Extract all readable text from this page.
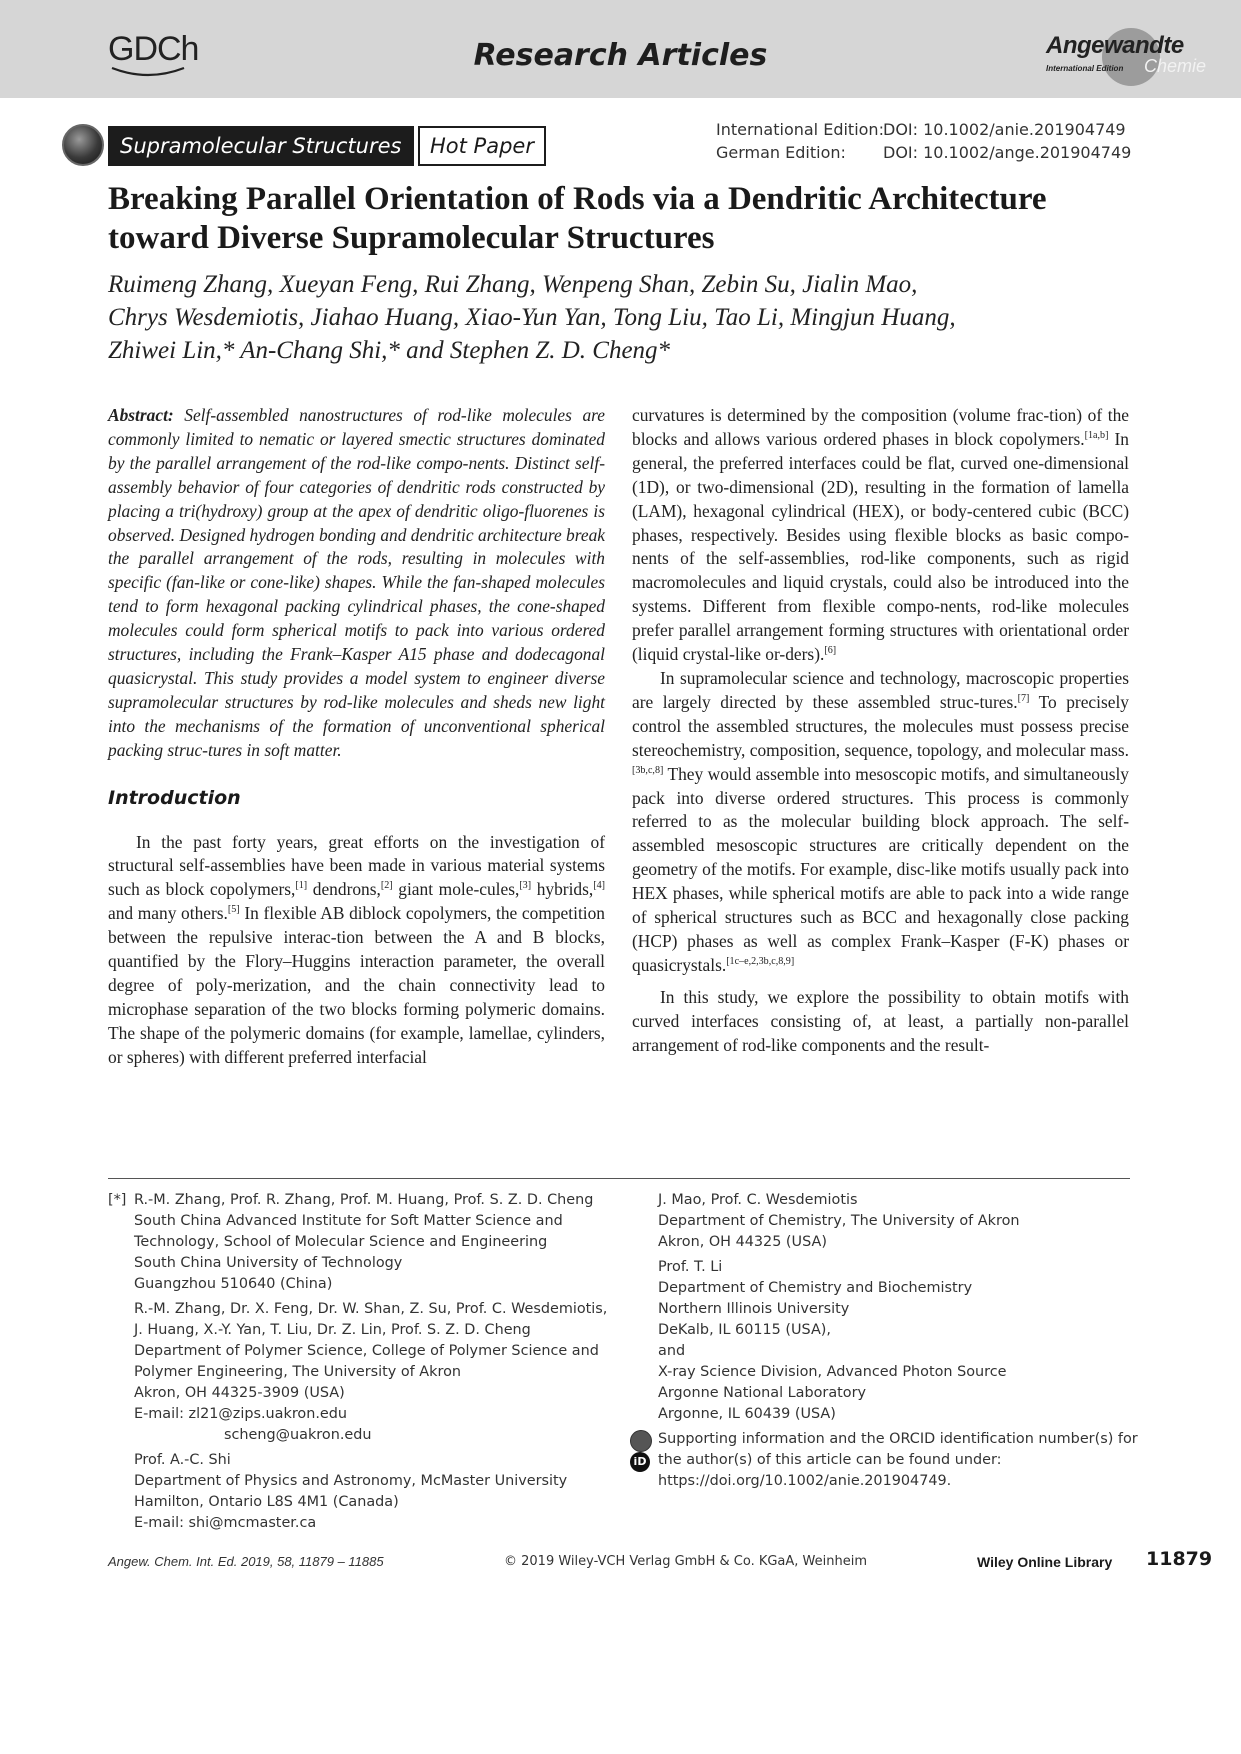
GDCh	Research Articles	Angewandte
International Edition Chemie
Supramolecular Structures	Hot Paper
International Edition:DOI: 10.1002/anie.201904749
German Edition: DOI: 10.1002/ange.201904749
Breaking Parallel Orientation of Rods via a Dendritic Architecture
toward Diverse Supramolecular Structures
Ruimeng Zhang, Xueyan Feng, Rui Zhang, Wenpeng Shan, Zebin Su, Jialin Mao,
Chrys Wesdemiotis, Jiahao Huang, Xiao-Yun Yan, Tong Liu, Tao Li, Mingjun Huang,
Zhiwei Lin,* An-Chang Shi,* and Stephen Z. D. Cheng*

Abstract: Self-assembled nanostructures of rod-like molecules are commonly limited to nematic or layered smectic structures dominated by the parallel arrangement of the rod-like compo-nents. Distinct self-assembly behavior of four categories of dendritic rods constructed by placing a tri(hydroxy) group at the apex of dendritic oligo-fluorenes is observed. Designed hydrogen bonding and dendritic architecture break the parallel arrangement of the rods, resulting in molecules with specific (fan-like or cone-like) shapes. While the fan-shaped molecules tend to form hexagonal packing cylindrical phases, the cone-shaped molecules could form spherical motifs to pack into various ordered structures, including the Frank–Kasper A15 phase and dodecagonal quasicrystal. This study provides a model system to engineer diverse supramolecular structures by rod-like molecules and sheds new light into the mechanisms of the formation of unconventional spherical packing struc-tures in soft matter.

Introduction

In the past forty years, great efforts on the investigation of structural self-assemblies have been made in various material systems such as block copolymers,[1] dendrons,[2] giant mole-cules,[3] hybrids,[4] and many others.[5] In flexible AB diblock copolymers, the competition between the repulsive interac-tion between the A and B blocks, quantified by the Flory–Huggins interaction parameter, the overall degree of poly-merization, and the chain connectivity lead to microphase separation of the two blocks forming polymeric domains. The shape of the polymeric domains (for example, lamellae, cylinders, or spheres) with different preferred interfacial

curvatures is determined by the composition (volume frac-tion) of the blocks and allows various ordered phases in block copolymers.[1a,b] In general, the preferred interfaces could be flat, curved one-dimensional (1D), or two-dimensional (2D), resulting in the formation of lamella (LAM), hexagonal cylindrical (HEX), or body-centered cubic (BCC) phases, respectively. Besides using flexible blocks as basic compo-nents of the self-assemblies, rod-like components, such as rigid macromolecules and liquid crystals, could also be introduced into the systems. Different from flexible compo-nents, rod-like molecules prefer parallel arrangement forming structures with orientational order (liquid crystal-like or-ders).[6]

In supramolecular science and technology, macroscopic properties are largely directed by these assembled struc-tures.[7] To precisely control the assembled structures, the molecules must possess precise stereochemistry, composition, sequence, topology, and molecular mass.[3b,c,8] They would assemble into mesoscopic motifs, and simultaneously pack into diverse ordered structures. This process is commonly referred to as the molecular building block approach. The self-assembled mesoscopic structures are critically dependent on the geometry of the motifs. For example, disc-like motifs usually pack into HEX phases, while spherical motifs are able to pack into a wide range of spherical structures such as BCC and hexagonally close packing (HCP) phases as well as complex Frank–Kasper (F-K) phases or quasicrystals.[1c–e,2,3b,c,8,9]

In this study, we explore the possibility to obtain motifs with curved interfaces consisting of, at least, a partially non-parallel arrangement of rod-like components and the result-

[*] R.-M. Zhang, Prof. R. Zhang, Prof. M. Huang, Prof. S. Z. D. Cheng
South China Advanced Institute for Soft Matter Science and
Technology, School of Molecular Science and Engineering
South China University of Technology
Guangzhou 510640 (China)
R.-M. Zhang, Dr. X. Feng, Dr. W. Shan, Z. Su, Prof. C. Wesdemiotis,
J. Huang, X.-Y. Yan, T. Liu, Dr. Z. Lin, Prof. S. Z. D. Cheng
Department of Polymer Science, College of Polymer Science and
Polymer Engineering, The University of Akron
Akron, OH 44325-3909 (USA)
E-mail: zl21@zips.uakron.edu
scheng@uakron.edu
Prof. A.-C. Shi
Department of Physics and Astronomy, McMaster University
Hamilton, Ontario L8S 4M1 (Canada)
E-mail: shi@mcmaster.ca
J. Mao, Prof. C. Wesdemiotis
Department of Chemistry, The University of Akron
Akron, OH 44325 (USA)
Prof. T. Li
Department of Chemistry and Biochemistry
Northern Illinois University
DeKalb, IL 60115 (USA),
and
X-ray Science Division, Advanced Photon Source
Argonne National Laboratory
Argonne, IL 60439 (USA)
iD
Supporting information and the ORCID identification number(s) for
the author(s) of this article can be found under:
https://doi.org/10.1002/anie.201904749.
Angew. Chem. Int. Ed. 2019, 58, 11879 – 11885	© 2019 Wiley-VCH Verlag GmbH & Co. KGaA, Weinheim	Wiley Online Library 11879
